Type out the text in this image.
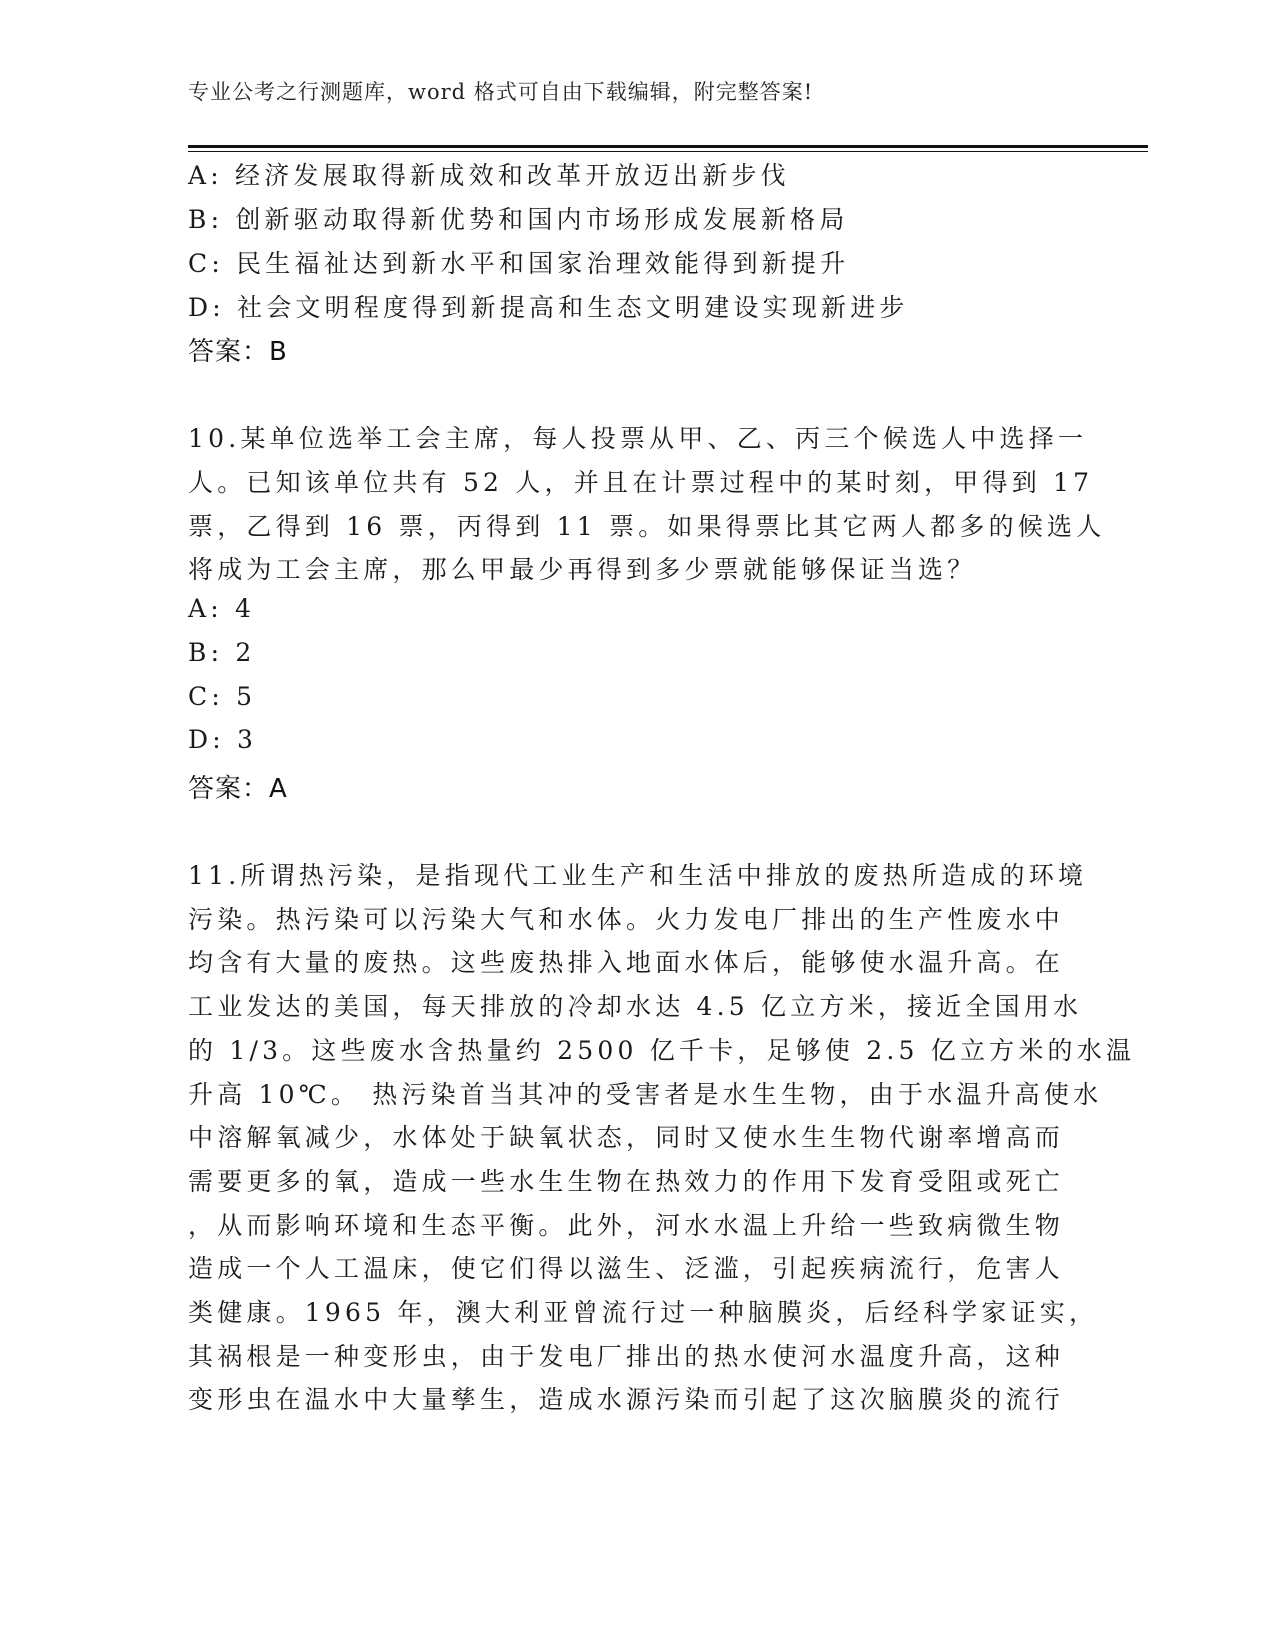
专业公考之行测题库，word 格式可自由下载编辑，附完整答案!
A: 经济发展取得新成效和改革开放迈出新步伐
B: 创新驱动取得新优势和国内市场形成发展新格局
C: 民生福祉达到新水平和国家治理效能得到新提升
D: 社会文明程度得到新提高和生态文明建设实现新进步
答案：B
10.某单位选举工会主席，每人投票从甲、乙、丙三个候选人中选择一
人。已知该单位共有 52 人，并且在计票过程中的某时刻，甲得到 17
票，乙得到 16 票，丙得到 11 票。如果得票比其它两人都多的候选人
将成为工会主席，那么甲最少再得到多少票就能够保证当选？
A: 4
B: 2
C: 5
D: 3
答案：A
11.所谓热污染，是指现代工业生产和生活中排放的废热所造成的环境
污染。热污染可以污染大气和水体。火力发电厂排出的生产性废水中
均含有大量的废热。这些废热排入地面水体后，能够使水温升高。在
工业发达的美国，每天排放的冷却水达 4.5 亿立方米，接近全国用水
的 1/3。这些废水含热量约 2500 亿千卡，足够使 2.5 亿立方米的水温
升高 10℃。 热污染首当其冲的受害者是水生生物，由于水温升高使水
中溶解氧减少，水体处于缺氧状态，同时又使水生生物代谢率增高而
需要更多的氧，造成一些水生生物在热效力的作用下发育受阻或死亡
，从而影响环境和生态平衡。此外，河水水温上升给一些致病微生物
造成一个人工温床，使它们得以滋生、泛滥，引起疾病流行，危害人
类健康。1965 年，澳大利亚曾流行过一种脑膜炎，后经科学家证实，
其祸根是一种变形虫，由于发电厂排出的热水使河水温度升高，这种
变形虫在温水中大量孳生，造成水源污染而引起了这次脑膜炎的流行
